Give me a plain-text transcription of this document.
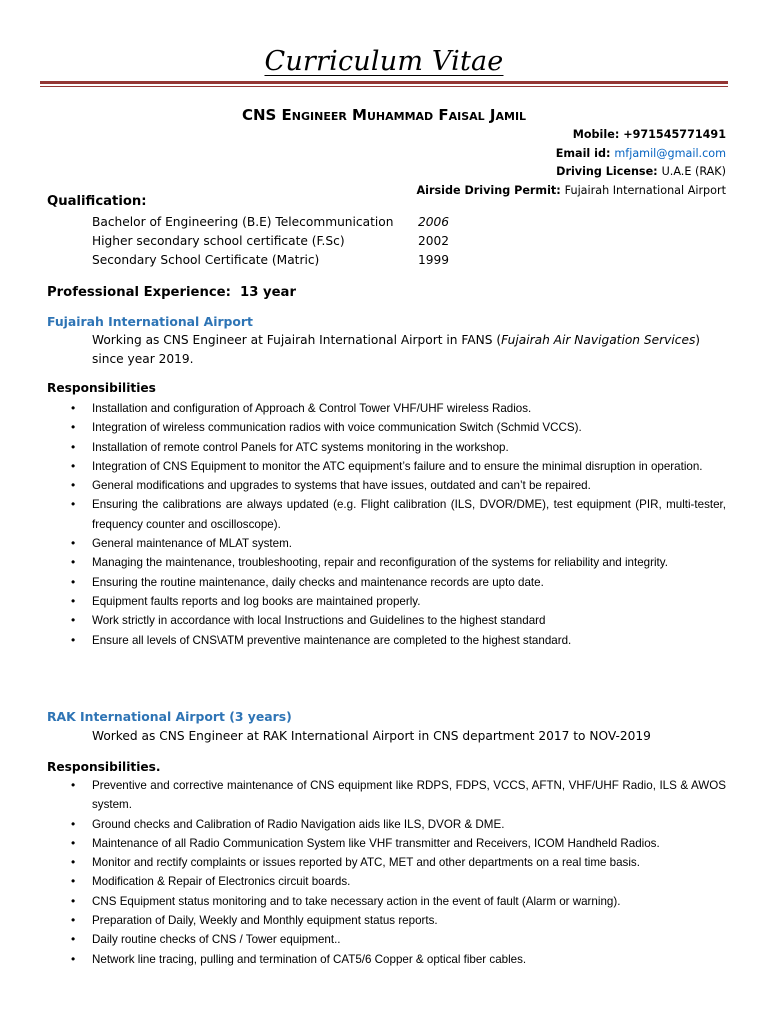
Curriculum Vitae
CNS Engineer Muhammad Faisal Jamil
Mobile: +971545771491
Email id: mfjamil@gmail.com
Driving License: U.A.E (RAK)
Airside Driving Permit: Fujairah International Airport
Qualification:
Bachelor of Engineering (B.E) Telecommunication	2006
Higher secondary school certificate (F.Sc)	2002
Secondary School Certificate (Matric)	1999
Professional Experience:  13 year
Fujairah International Airport
Working as CNS Engineer at Fujairah International Airport in FANS (Fujairah Air Navigation Services) since year 2019.
Responsibilities
• Installation and configuration of Approach & Control Tower VHF/UHF wireless Radios.
• Integration of wireless communication radios with voice communication Switch (Schmid VCCS).
• Installation of remote control Panels for ATC systems monitoring in the workshop.
• Integration of CNS Equipment to monitor the ATC equipment’s failure and to ensure the minimal disruption in operation.
• General modifications and upgrades to systems that have issues, outdated and can’t be repaired.
• Ensuring the calibrations are always updated (e.g. Flight calibration (ILS, DVOR/DME), test equipment (PIR, multi-tester, frequency counter and oscilloscope).
• General maintenance of MLAT system.
• Managing the maintenance, troubleshooting, repair and reconfiguration of the systems for reliability and integrity.
• Ensuring the routine maintenance, daily checks and maintenance records are upto date.
• Equipment faults reports and log books are maintained properly.
• Work strictly in accordance with local Instructions and Guidelines to the highest standard
• Ensure all levels of CNS\ATM preventive maintenance are completed to the highest standard.
RAK International Airport (3 years)
Worked as CNS Engineer at RAK International Airport in CNS department 2017 to NOV-2019
Responsibilities.
• Preventive and corrective maintenance of CNS equipment like RDPS, FDPS, VCCS, AFTN, VHF/UHF Radio, ILS & AWOS system.
• Ground checks and Calibration of Radio Navigation aids like ILS, DVOR & DME.
• Maintenance of all Radio Communication System like VHF transmitter and Receivers, ICOM Handheld Radios.
• Monitor and rectify complaints or issues reported by ATC, MET and other departments on a real time basis.
• Modification & Repair of Electronics circuit boards.
• CNS Equipment status monitoring and to take necessary action in the event of fault (Alarm or warning).
• Preparation of Daily, Weekly and Monthly equipment status reports.
• Daily routine checks of CNS / Tower equipment..
• Network line tracing, pulling and termination of CAT5/6 Copper & optical fiber cables.
